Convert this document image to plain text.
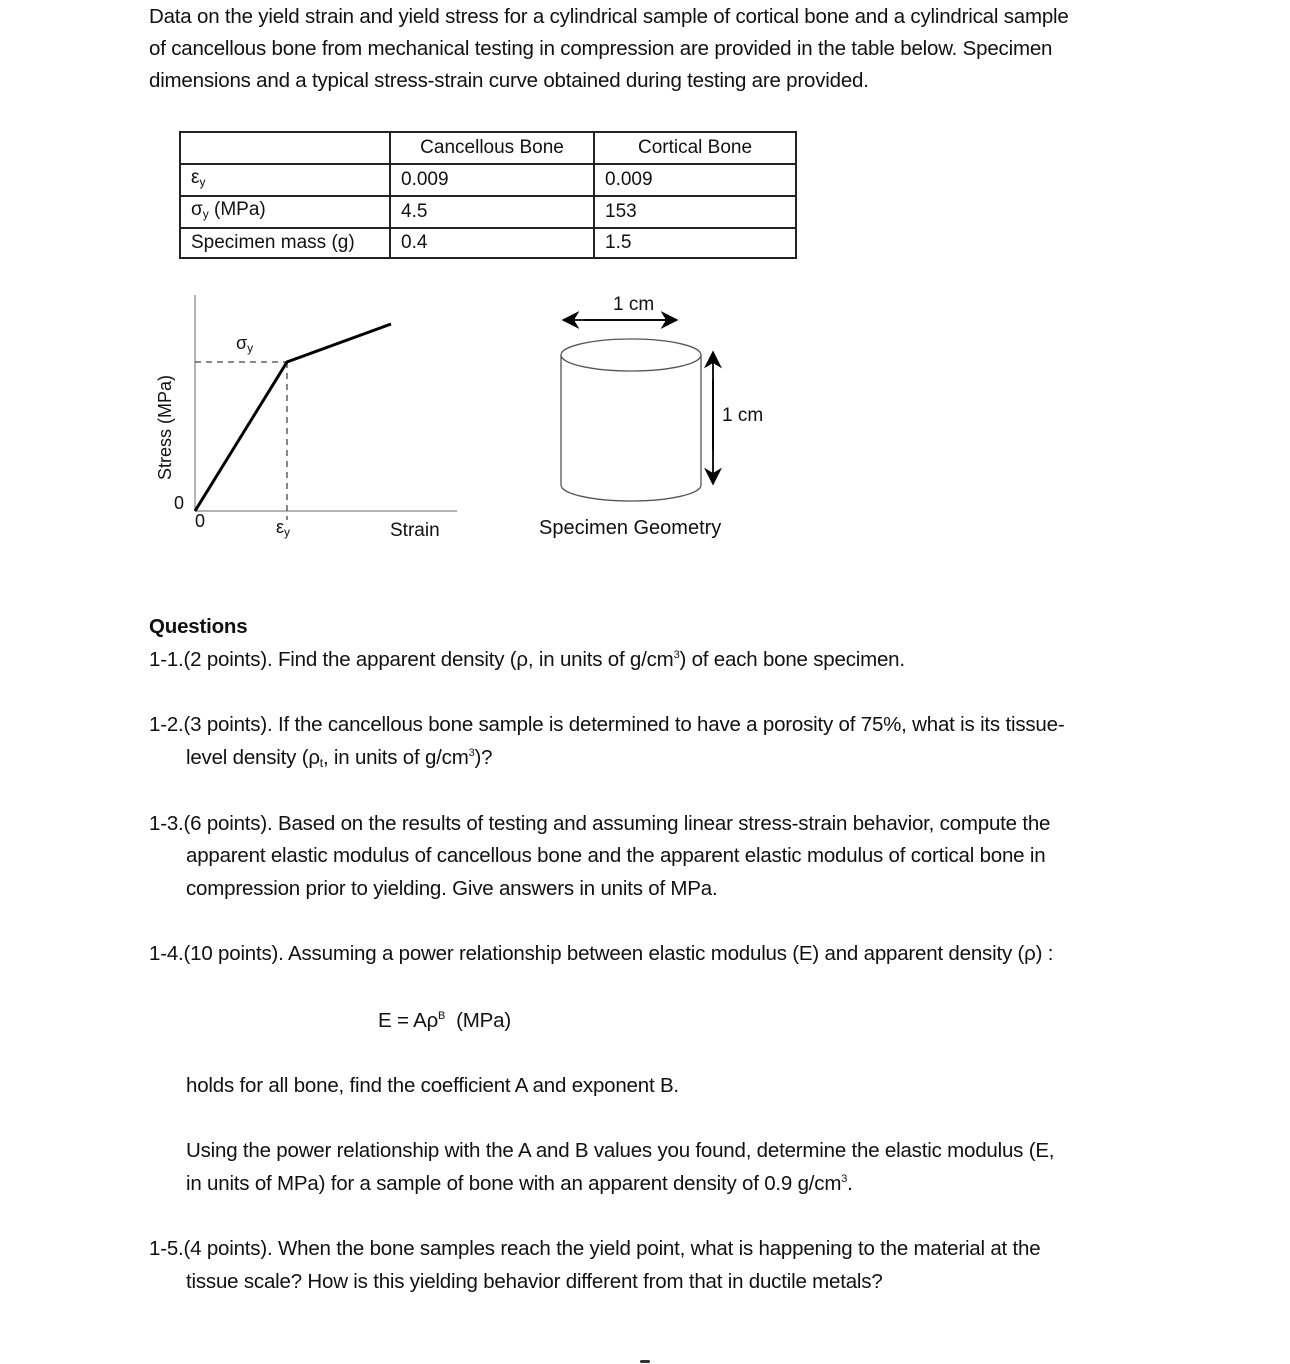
Data on the yield strain and yield stress for a cylindrical sample of cortical bone and a cylindrical sample
of cancellous bone from mechanical testing in compression are provided in the table below. Specimen
dimensions and a typical stress-strain curve obtained during testing are provided.
	Cancellous Bone	Cortical Bone
$\varepsilon_y$	0.009	0.009
$\sigma_y$ (MPa)	4.5	153
Specimen mass (g)	0.4	1.5
Stress (MPa)
0
0
$\sigma_y$
$\varepsilon_y$	Strain
1 cm
1 cm
Specimen Geometry
Questions
1-1.(2 points). Find the apparent density (ρ, in units of $g/cm^3$) of each bone specimen.
1-2.(3 points). If the cancellous bone sample is determined to have a porosity of 75%, what is its tissue-
level density ($\rho_t$, in units of $g/cm^3$)?
1-3.(6 points). Based on the results of testing and assuming linear stress-strain behavior, compute the
apparent elastic modulus of cancellous bone and the apparent elastic modulus of cortical bone in
compression prior to yielding. Give answers in units of MPa.
1-4.(10 points). Assuming a power relationship between elastic modulus (E) and apparent density (ρ) :
$E = A\rho^B$  (MPa)
holds for all bone, find the coefficient A and exponent B.
Using the power relationship with the A and B values you found, determine the elastic modulus (E,
in units of MPa) for a sample of bone with an apparent density of 0.9 $g/cm^3$.
1-5.(4 points). When the bone samples reach the yield point, what is happening to the material at the
tissue scale? How is this yielding behavior different from that in ductile metals?
